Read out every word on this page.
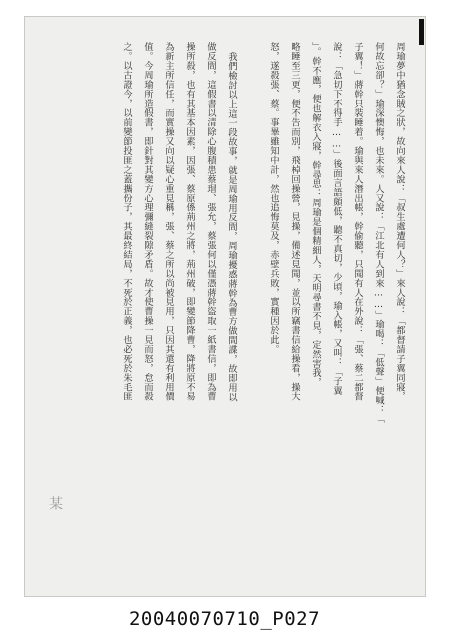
周瑜夢中猶念賊之狀，故向來人說：「叔生處遭何人？」來人說：「都督請子翼同寢，
何故忘卻？」瑜深懊悔，也未來。人又說：「江北有人到來……」瑜喝：「低聲」便喊：「
子翼！」蔣幹只裝睡着。瑜與來人潛出帳，幹偷聽，只聞有人在外說：「張、蔡二都督
說：「急切下不得手……」後面言語頗低，聽不真切，少頃，瑜入帳，又叫：「子翼
」。幹不應，便也解衣入寢，幹尋思：周瑜是個精細人，天明尋書不見，定然害我，
略睡至三更，便不告而別，飛棹回操營，見操，備述見聞，並以所竊書信給操看，操大
怒，遂殺張、蔡。事畢雖知中計，然也追悔莫及，赤壁兵敗，實種因於此。
我們檢討以上這一段故事，就是周瑜用反間，周瑜擾惑蔣幹為曹方做間諜，故即用以
做反間，這假書以清除心腹積患蔡瑁、張允，蔡張何以僅憑蔣幹盜取一紙書信，即為曹
操所殺，也有其基本因素，因張、蔡原係荊州之將，荊州破，即變節降曹，降將原不易
為新主所信任，而實操又向以疑心重見稱，張、蔡之所以尚被見用，只因其還有利用價
值。今周瑜所造假書，即針對其變方心理彌縫裂隙矛盾。故才使曹操一見而怒，怠而殺
之。以古證今，以前變節投匪之蓋攜份子，其最終結局，不死於正義，也必死於朱毛匪
某
20040070710_P027
